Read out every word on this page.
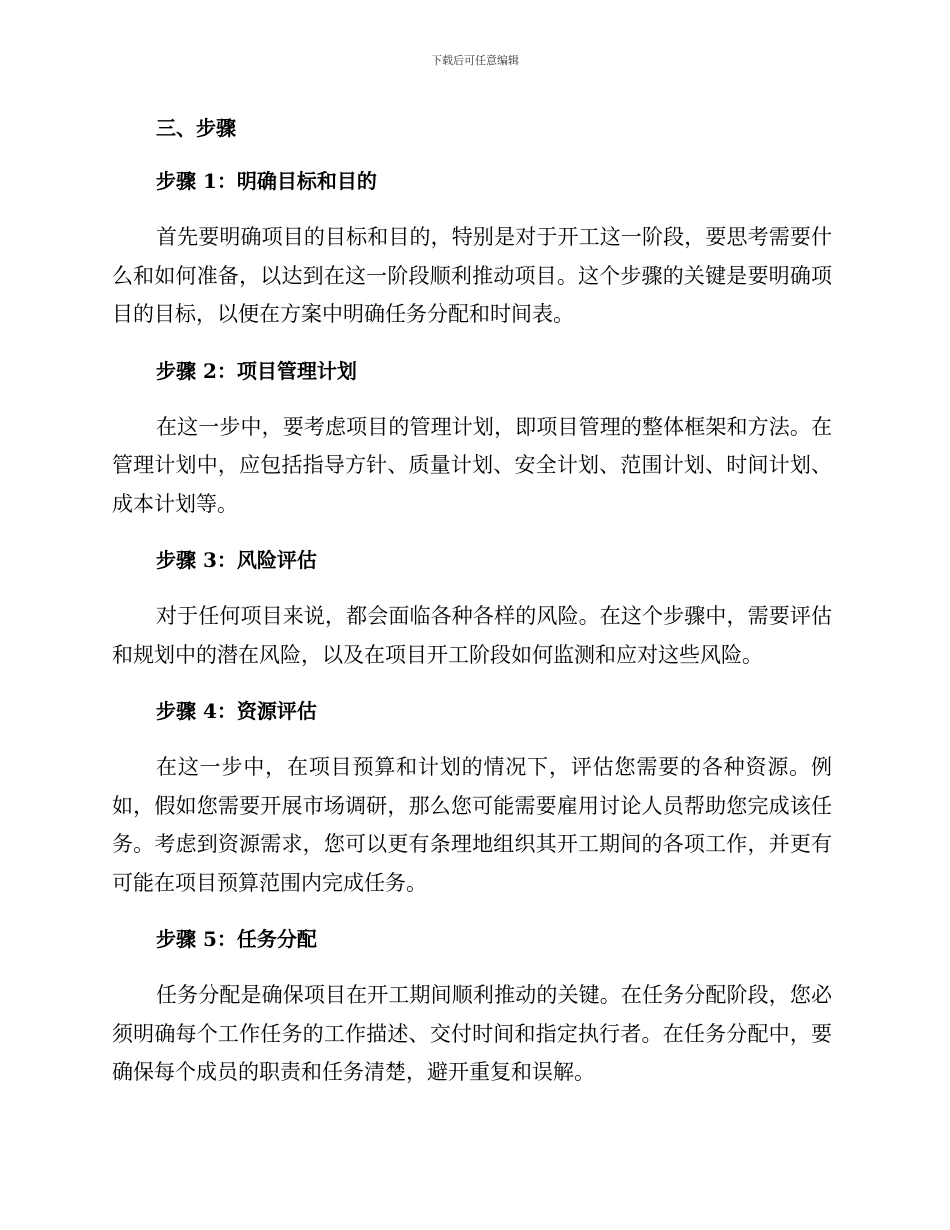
下载后可任意编辑
三、步骤
步骤 1：明确目标和目的

首先要明确项目的目标和目的，特别是对于开工这一阶段，要思考需要什么和如何准备，以达到在这一阶段顺利推动项目。这个步骤的关键是要明确项目的目标，以便在方案中明确任务分配和时间表。

步骤 2：项目管理计划

在这一步中，要考虑项目的管理计划，即项目管理的整体框架和方法。在管理计划中，应包括指导方针、质量计划、安全计划、范围计划、时间计划、成本计划等。

步骤 3：风险评估

对于任何项目来说，都会面临各种各样的风险。在这个步骤中，需要评估和规划中的潜在风险，以及在项目开工阶段如何监测和应对这些风险。

步骤 4：资源评估

在这一步中，在项目预算和计划的情况下，评估您需要的各种资源。例如，假如您需要开展市场调研，那么您可能需要雇用讨论人员帮助您完成该任务。考虑到资源需求，您可以更有条理地组织其开工期间的各项工作，并更有可能在项目预算范围内完成任务。

步骤 5：任务分配

任务分配是确保项目在开工期间顺利推动的关键。在任务分配阶段，您必须明确每个工作任务的工作描述、交付时间和指定执行者。在任务分配中，要确保每个成员的职责和任务清楚，避开重复和误解。
